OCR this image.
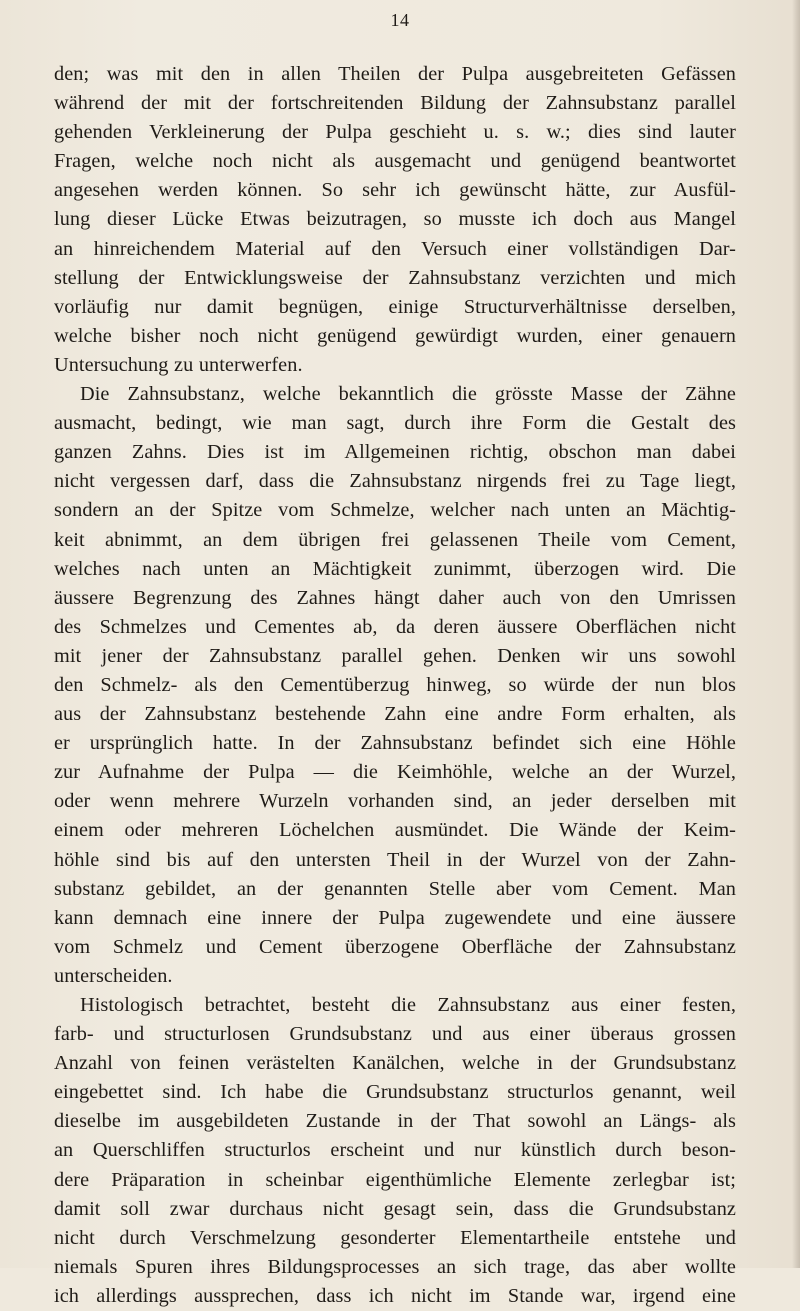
14
den; was mit den in allen Theilen der Pulpa ausgebreiteten Gefässen
während der mit der fortschreitenden Bildung der Zahnsubstanz parallel
gehenden Verkleinerung der Pulpa geschieht u. s. w.; dies sind lauter
Fragen, welche noch nicht als ausgemacht und genügend beantwortet
angesehen werden können. So sehr ich gewünscht hätte, zur Ausfül-
lung dieser Lücke Etwas beizutragen, so musste ich doch aus Mangel
an hinreichendem Material auf den Versuch einer vollständigen Dar-
stellung der Entwicklungsweise der Zahnsubstanz verzichten und mich
vorläufig nur damit begnügen, einige Structurverhältnisse derselben,
welche bisher noch nicht genügend gewürdigt wurden, einer genauern
Untersuchung zu unterwerfen.
Die Zahnsubstanz, welche bekanntlich die grösste Masse der Zähne
ausmacht, bedingt, wie man sagt, durch ihre Form die Gestalt des
ganzen Zahns. Dies ist im Allgemeinen richtig, obschon man dabei
nicht vergessen darf, dass die Zahnsubstanz nirgends frei zu Tage liegt,
sondern an der Spitze vom Schmelze, welcher nach unten an Mächtig-
keit abnimmt, an dem übrigen frei gelassenen Theile vom Cement,
welches nach unten an Mächtigkeit zunimmt, überzogen wird. Die
äussere Begrenzung des Zahnes hängt daher auch von den Umrissen
des Schmelzes und Cementes ab, da deren äussere Oberflächen nicht
mit jener der Zahnsubstanz parallel gehen. Denken wir uns sowohl
den Schmelz- als den Cementüberzug hinweg, so würde der nun blos
aus der Zahnsubstanz bestehende Zahn eine andre Form erhalten, als
er ursprünglich hatte. In der Zahnsubstanz befindet sich eine Höhle
zur Aufnahme der Pulpa — die Keimhöhle, welche an der Wurzel,
oder wenn mehrere Wurzeln vorhanden sind, an jeder derselben mit
einem oder mehreren Löchelchen ausmündet. Die Wände der Keim-
höhle sind bis auf den untersten Theil in der Wurzel von der Zahn-
substanz gebildet, an der genannten Stelle aber vom Cement. Man
kann demnach eine innere der Pulpa zugewendete und eine äussere
vom Schmelz und Cement überzogene Oberfläche der Zahnsubstanz
unterscheiden.
Histologisch betrachtet, besteht die Zahnsubstanz aus einer festen,
farb- und structurlosen Grundsubstanz und aus einer überaus grossen
Anzahl von feinen verästelten Kanälchen, welche in der Grundsubstanz
eingebettet sind. Ich habe die Grundsubstanz structurlos genannt, weil
dieselbe im ausgebildeten Zustande in der That sowohl an Längs- als
an Querschliffen structurlos erscheint und nur künstlich durch beson-
dere Präparation in scheinbar eigenthümliche Elemente zerlegbar ist;
damit soll zwar durchaus nicht gesagt sein, dass die Grundsubstanz
nicht durch Verschmelzung gesonderter Elementartheile entstehe und
niemals Spuren ihres Bildungsprocesses an sich trage, das aber wollte
ich allerdings aussprechen, dass ich nicht im Stande war, irgend eine
